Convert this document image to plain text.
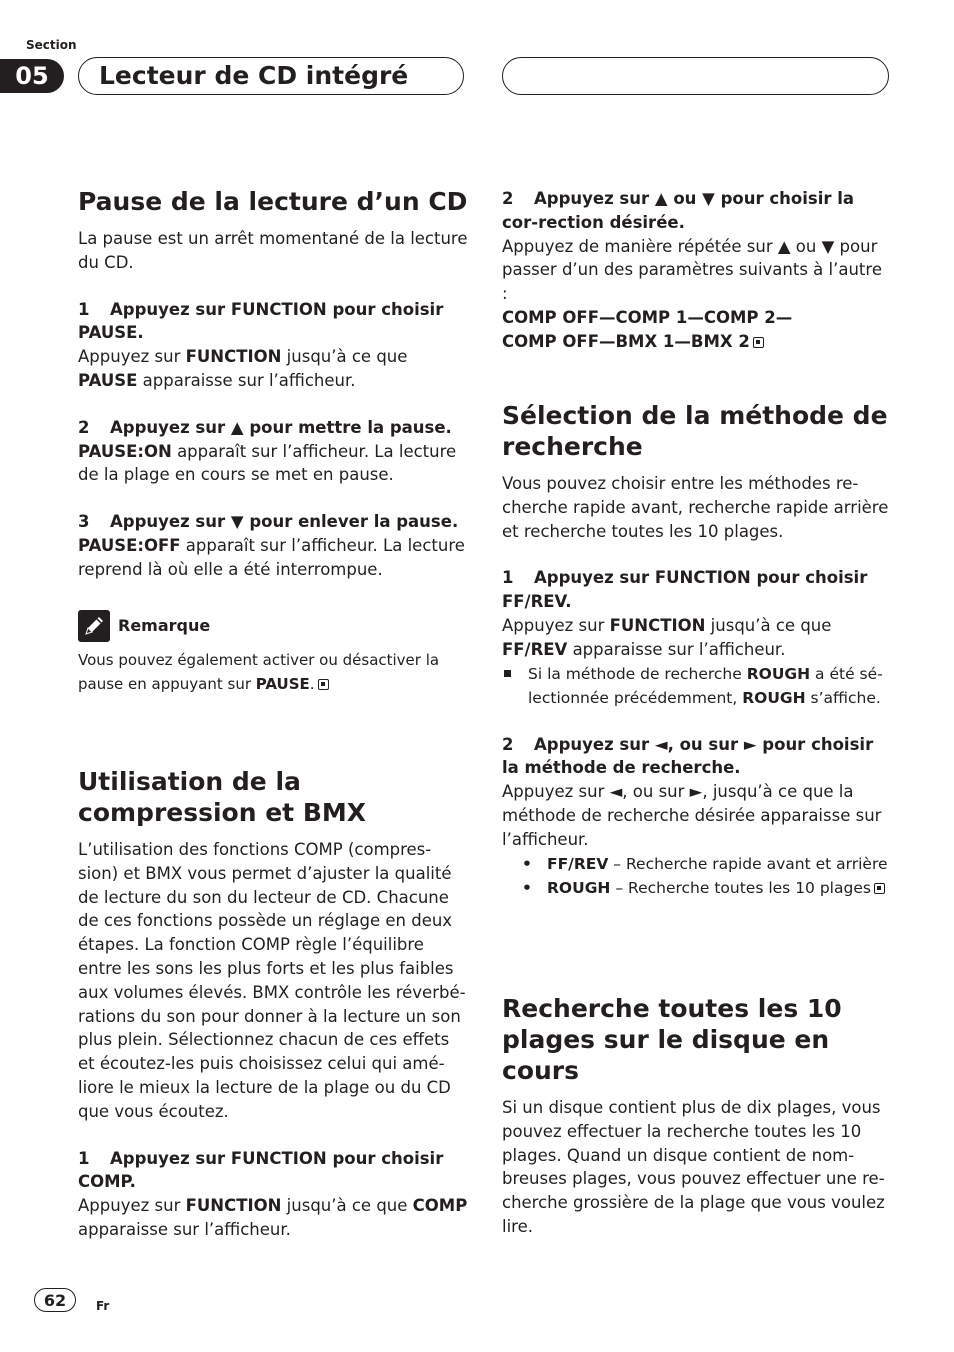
Section
05	Lecteur de CD intégré
Pause de la lecture d’un CD

La pause est un arrêt momentané de la lecture du CD.

1 Appuyez sur FUNCTION pour choisir PAUSE.

Appuyez sur FUNCTION jusqu’à ce que PAUSE apparaisse sur l’afficheur.

2 Appuyez sur ▲ pour mettre la pause.

PAUSE:ON apparaît sur l’afficheur. La lecture de la plage en cours se met en pause.

3 Appuyez sur ▼ pour enlever la pause.

PAUSE:OFF apparaît sur l’afficheur. La lecture reprend là où elle a été interrompue.

Remarque

Vous pouvez également activer ou désactiver la pause en appuyant sur PAUSE.

Utilisation de la compression et BMX

L’utilisation des fonctions COMP (compres-sion) et BMX vous permet d’ajuster la qualité de lecture du son du lecteur de CD. Chacune de ces fonctions possède un réglage en deux étapes. La fonction COMP règle l’équilibre entre les sons les plus forts et les plus faibles aux volumes élevés. BMX contrôle les réverbé-rations du son pour donner à la lecture un son plus plein. Sélectionnez chacun de ces effets et écoutez-les puis choisissez celui qui amé-liore le mieux la lecture de la plage ou du CD que vous écoutez.

1 Appuyez sur FUNCTION pour choisir COMP.

Appuyez sur FUNCTION jusqu’à ce que COMP apparaisse sur l’afficheur.

2 Appuyez sur ▲ ou ▼ pour choisir la cor-rection désirée.

Appuyez de manière répétée sur ▲ ou ▼ pour passer d’un des paramètres suivants à l’autre :

COMP OFF—COMP 1—COMP 2—

COMP OFF—BMX 1—BMX 2

Sélection de la méthode de recherche

Vous pouvez choisir entre les méthodes re-cherche rapide avant, recherche rapide arrière et recherche toutes les 10 plages.

1 Appuyez sur FUNCTION pour choisir FF/REV.

Appuyez sur FUNCTION jusqu’à ce que FF/REV apparaisse sur l’afficheur.

Si la méthode de recherche ROUGH a été sé-lectionnée précédemment, ROUGH s’affiche.
2 Appuyez sur ◄, ou sur ► pour choisir la méthode de recherche.

Appuyez sur ◄, ou sur ►, jusqu’à ce que la méthode de recherche désirée apparaisse sur l’afficheur.

• FF/REV – Recherche rapide avant et arrière
• ROUGH – Recherche toutes les 10 plages
Recherche toutes les 10 plages sur le disque en cours

Si un disque contient plus de dix plages, vous pouvez effectuer la recherche toutes les 10 plages. Quand un disque contient de nom-breuses plages, vous pouvez effectuer une re-cherche grossière de la plage que vous voulez lire.

62	Fr
